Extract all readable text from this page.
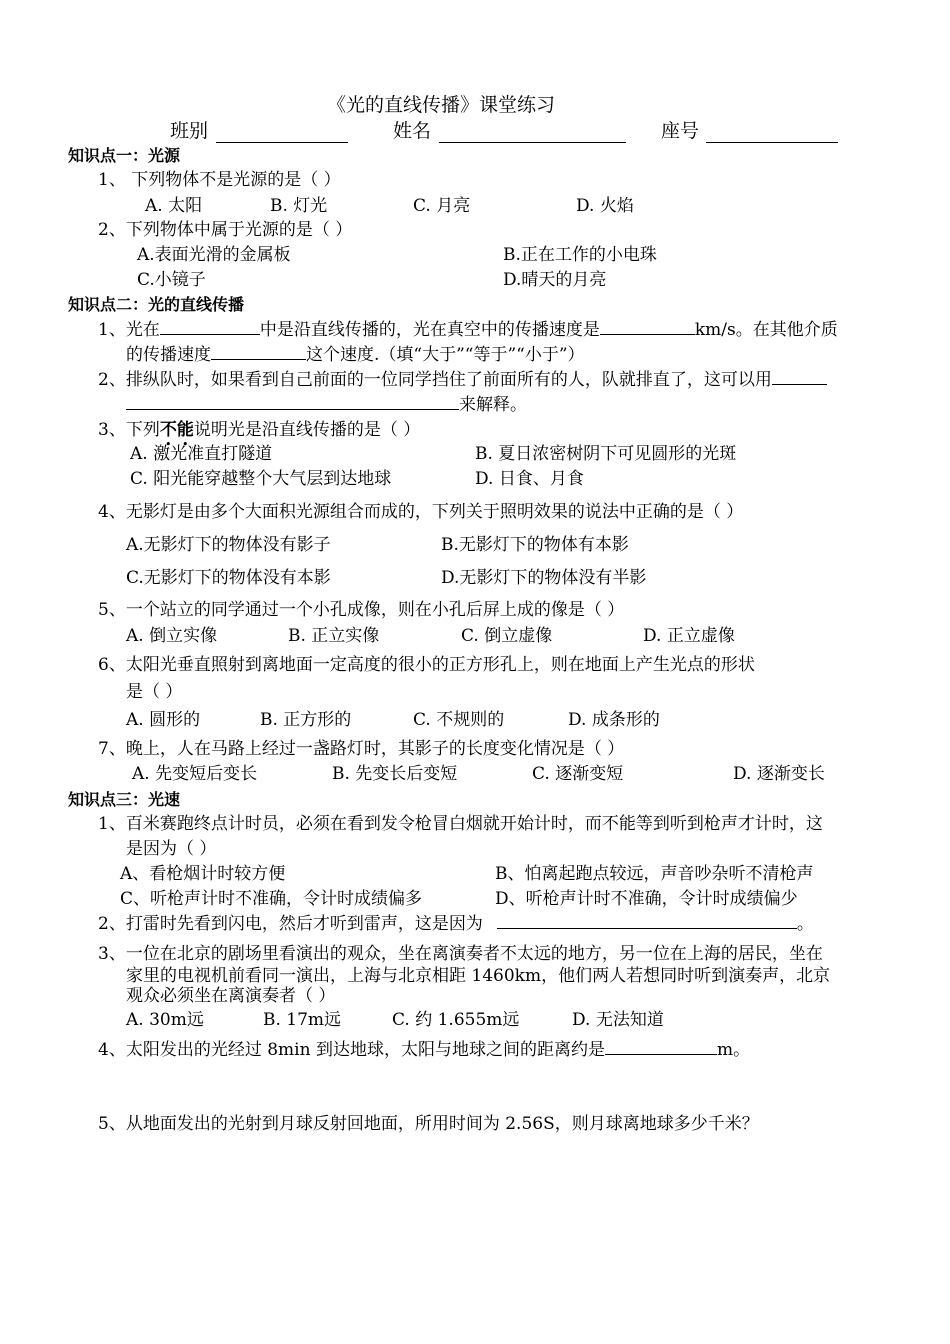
《光的直线传播》课堂练习
班别	姓名	座号
知识点一：光源
1、 下列物体不是光源的是（ ）
A. 太阳	B. 灯光	C. 月亮	D. 火焰
2、下列物体中属于光源的是（ ）
A.表面光滑的金属板	B.正在工作的小电珠
C.小镜子	D.晴天的月亮
知识点二：光的直线传播
1、光在	中是沿直线传播的，光在真空中的传播速度是	km/s。在其他介质
的传播速度	这个速度.（填“大于”“等于”“小于”）
2、排纵队时，如果看到自己前面的一位同学挡住了前面所有的人，队就排直了，这可以用
来解释。
3、下列不能说明光是沿直线传播的是（ ）
A. 激光准直打隧道	B. 夏日浓密树阴下可见圆形的光斑
C. 阳光能穿越整个大气层到达地球	D. 日食、月食
4、无影灯是由多个大面积光源组合而成的，下列关于照明效果的说法中正确的是（ ）
A.无影灯下的物体没有影子	B.无影灯下的物体有本影
C.无影灯下的物体没有本影	D.无影灯下的物体没有半影
5、一个站立的同学通过一个小孔成像，则在小孔后屏上成的像是（ ）
A. 倒立实像	B. 正立实像	C. 倒立虚像	D. 正立虚像
6、太阳光垂直照射到离地面一定高度的很小的正方形孔上，则在地面上产生光点的形状
是（ ）
A. 圆形的	B. 正方形的	C. 不规则的	D. 成条形的
7、晚上，人在马路上经过一盏路灯时，其影子的长度变化情况是（ ）
A. 先变短后变长	B. 先变长后变短	C. 逐渐变短	D. 逐渐变长
知识点三：光速
1、百米赛跑终点计时员，必须在看到发令枪冒白烟就开始计时，而不能等到听到枪声才计时，这
是因为（ ）
A、看枪烟计时较方便	B、怕离起跑点较远，声音吵杂听不清枪声
C、听枪声计时不准确，令计时成绩偏多	D、听枪声计时不准确，令计时成绩偏少
2、打雷时先看到闪电，然后才听到雷声，这是因为	。
3、一位在北京的剧场里看演出的观众，坐在离演奏者不太远的地方，另一位在上海的居民，坐在
家里的电视机前看同一演出，上海与北京相距 1460km，他们两人若想同时听到演奏声，北京
观众必须坐在离演奏者（ ）
A. 30m远	B. 17m远	C. 约 1.655m远	D. 无法知道
4、太阳发出的光经过 8min 到达地球，太阳与地球之间的距离约是	m。
5、从地面发出的光射到月球反射回地面，所用时间为 2.56S，则月球离地球多少千米？
